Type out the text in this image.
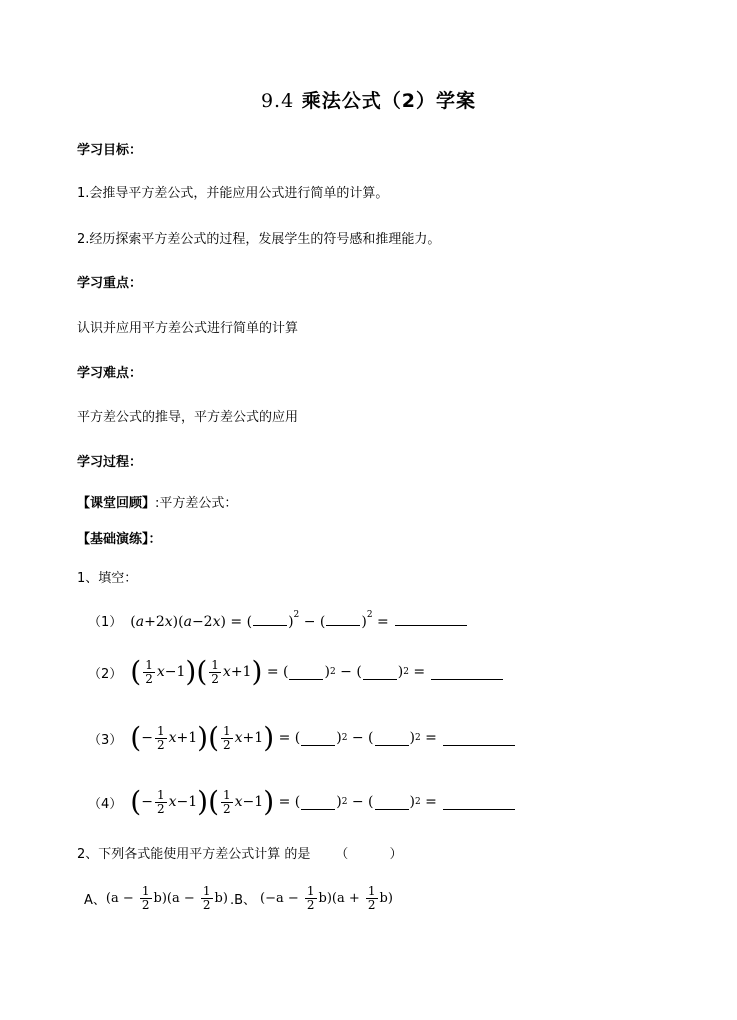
9.4 乘法公式（2）学案
学习目标：
1.会推导平方差公式，并能应用公式进行简单的计算。
2.经历探索平方差公式的过程，发展学生的符号感和推理能力。
学习重点：
认识并应用平方差公式进行简单的计算
学习难点：
平方差公式的推导，平方差公式的应用
学习过程：
【课堂回顾】:平方差公式：
【基础演练】：
1、填空：
（1） (a+2x)(a−2x) = (	)$^2$ − (	)$^2$ =
（2） ( $\frac{1}{2}$ x −1 )( $\frac{1}{2}$ x +1 ) = (	) 2 − (	) 2 =
（3） ( − $\frac{1}{2}$ x +1 )( $\frac{1}{2}$ x +1 ) = (	) 2 − (	) 2 =
（4） ( − $\frac{1}{2}$ x −1 )( $\frac{1}{2}$ x −1 ) = (	) 2 − (	) 2 =
2、下列各式能使用平方差公式计算 的是 （          ）
A、 $(a - \frac{1}{2} b)(a - \frac{1}{2} b)$ .B、 $(-a - \frac{1}{2} b)(a + \frac{1}{2} b)$
